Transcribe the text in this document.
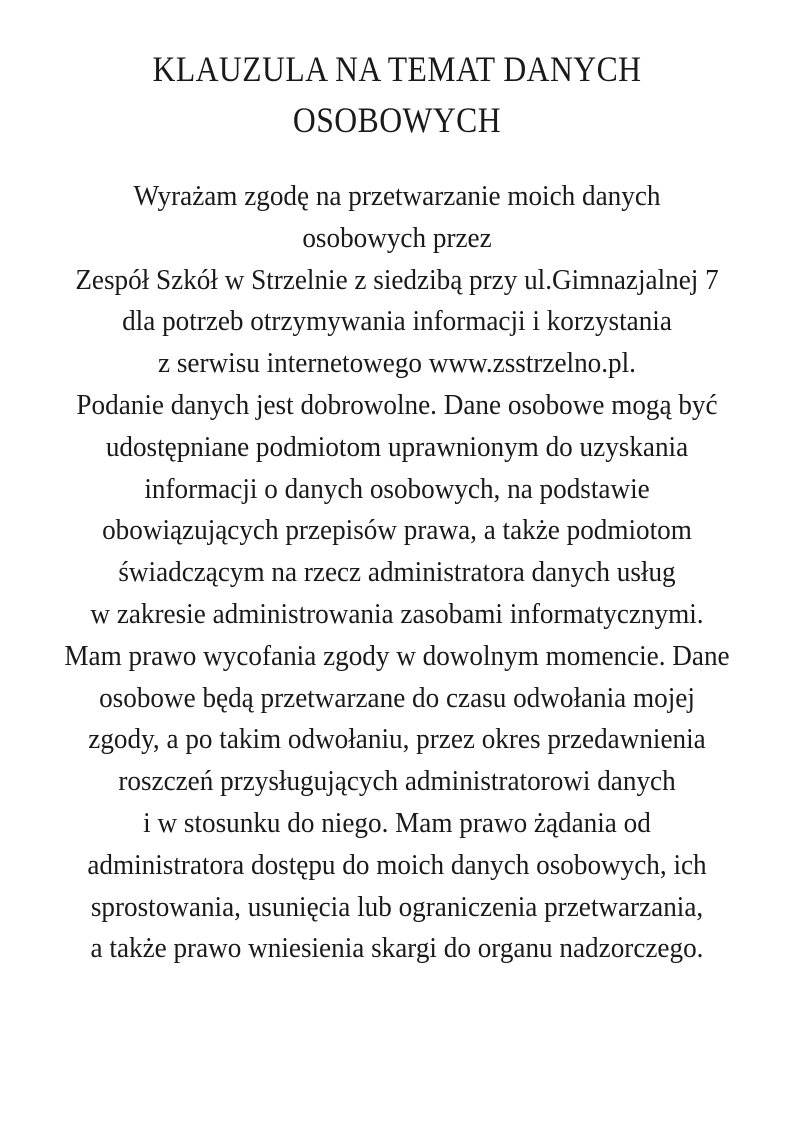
KLAUZULA NA TEMAT DANYCH
OSOBOWYCH
Wyrażam zgodę na przetwarzanie moich danych
osobowych przez
Zespół Szkół w Strzelnie z siedzibą przy ul.Gimnazjalnej 7
dla potrzeb otrzymywania informacji i korzystania
z serwisu internetowego www.zsstrzelno.pl.
Podanie danych jest dobrowolne. Dane osobowe mogą być
udostępniane podmiotom uprawnionym do uzyskania
informacji o danych osobowych, na podstawie
obowiązujących przepisów prawa, a także podmiotom
świadczącym na rzecz administratora danych usług
w zakresie administrowania zasobami informatycznymi.
Mam prawo wycofania zgody w dowolnym momencie. Dane
osobowe będą przetwarzane do czasu odwołania mojej
zgody, a po takim odwołaniu, przez okres przedawnienia
roszczeń przysługujących administratorowi danych
i w stosunku do niego. Mam prawo żądania od
administratora dostępu do moich danych osobowych, ich
sprostowania, usunięcia lub ograniczenia przetwarzania,
a także prawo wniesienia skargi do organu nadzorczego.
